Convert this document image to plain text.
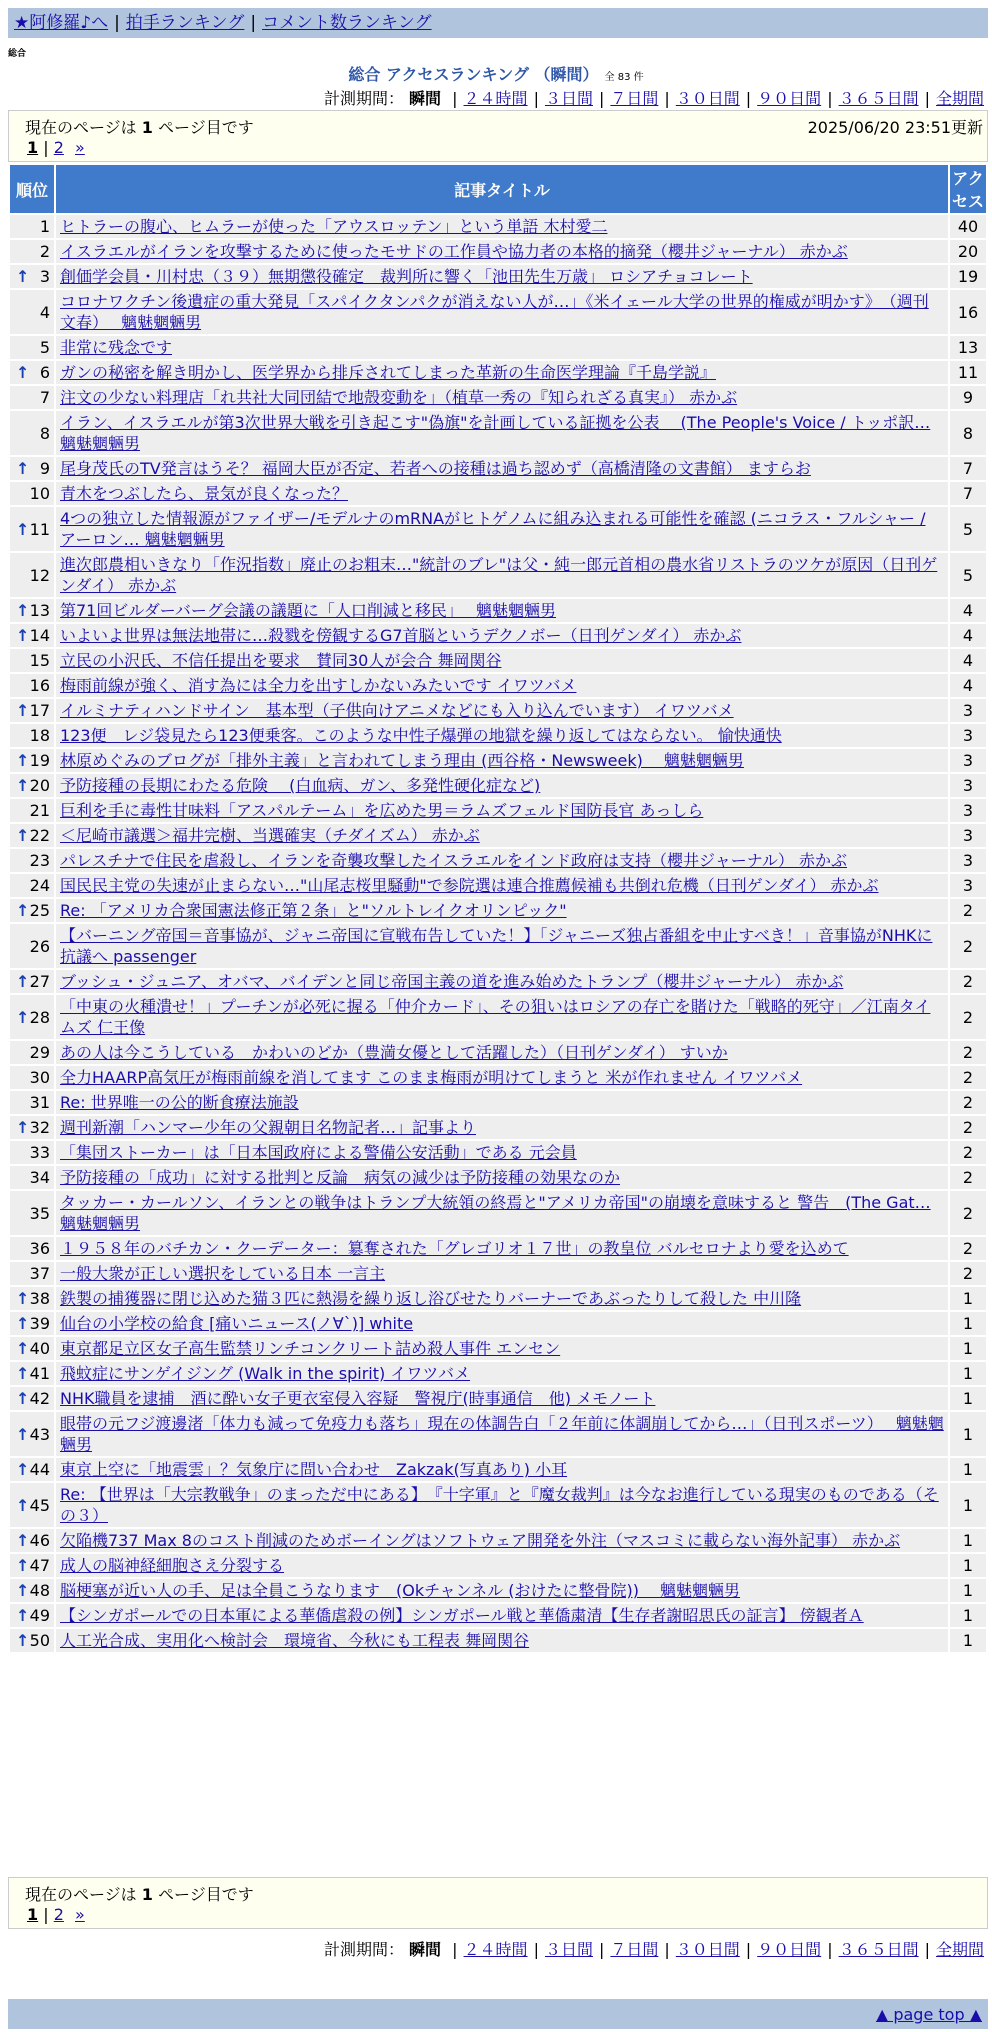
★阿修羅♪へ | 拍手ランキング | コメント数ランキング
総合
総合 アクセスランキング （瞬間） 全 83 件
計測期間： 瞬間 | ２４時間 | ３日間 | ７日間 | ３０日間 | ９０日間 | ３６５日間 | 全期間
現在のページは 1 ページ目です	2025/06/20 23:51更新
1 | 2 »
順位	記事タイトル	アクセス
1	ヒトラーの腹心、ヒムラーが使った「アウスロッテン」という単語 木村愛二	40
2	イスラエルがイランを攻撃するために使ったモサドの工作員や協力者の本格的摘発（櫻井ジャーナル） 赤かぶ	20

↑ 3	創価学会員・川村忠（３９）無期懲役確定　裁判所に響く「池田先生万歳」 ロシアチョコレート	19
4	コロナワクチン後遺症の重大発見「スパイクタンパクが消えない人が…」《米イェール大学の世界的権威が明かす》　（週刊文春）　 魑魅魍魎男	16
5	非常に残念です	13

↑ 6	ガンの秘密を解き明かし、医学界から排斥されてしまった革新の生命医学理論『千島学説』	11
7	注文の少ない料理店「れ共社大同団結で地殻変動を」（植草一秀の『知られざる真実』） 赤かぶ	9
8	イラン、イスラエルが第3次世界大戦を引き起こす"偽旗"を計画している証拠を公表　 (The People's Voice / トッポ訳… 魑魅魍魎男	8

↑ 9	尾身茂氏のTV発言はうそ？ 福岡大臣が否定、若者への接種は過ち認めず（高橋清隆の文書館） ますらお	7
10	青木をつぶしたら、景気が良くなった？	7

↑ 11	4つの独立した情報源がファイザー/モデルナのmRNAがヒトゲノムに組み込まれる可能性を確認 (ニコラス・フルシャー / アーロン… 魑魅魍魎男	5
12	進次郎農相いきなり「作況指数」廃止のお粗末…"統計のブレ"は父・純一郎元首相の農水省リストラのツケが原因（日刊ゲンダイ） 赤かぶ	5

↑ 13	第71回ビルダーバーグ会議の議題に「人口削減と移民」　 魑魅魍魎男	4

↑ 14	いよいよ世界は無法地帯に…殺戮を傍観するG7首脳というデクノボー（日刊ゲンダイ） 赤かぶ	4
15	立民の小沢氏、不信任提出を要求　賛同30人が会合 舞岡関谷	4
16	梅雨前線が強く、消す為には全力を出すしかないみたいです イワツバメ	4

↑ 17	イルミナティハンドサイン　基本型（子供向けアニメなどにも入り込んでいます） イワツバメ	3
18	123便　レジ袋見たら123便乗客。このような中性子爆弾の地獄を繰り返してはならない。 愉快通快	3

↑ 19	林原めぐみのブログが「排外主義」と言われてしまう理由 (西谷格・Newsweek)　 魑魅魍魎男	3

↑ 20	予防接種の長期にわたる危険　 (白血病、ガン、多発性硬化症など)	3
21	巨利を手に毒性甘味料「アスパルテーム」を広めた男＝ラムズフェルド国防長官 あっしら	3

↑ 22	＜尼崎市議選＞福井完樹、当選確実（チダイズム） 赤かぶ	3
23	パレスチナで住民を虐殺し、イランを奇襲攻撃したイスラエルをインド政府は支持（櫻井ジャーナル） 赤かぶ	3
24	国民民主党の失速が止まらない…"山尾志桜里騒動"で参院選は連合推薦候補も共倒れ危機（日刊ゲンダイ） 赤かぶ	3

↑ 25	Re: 「アメリカ合衆国憲法修正第２条」と"ソルトレイクオリンピック"	2
26	【バーニング帝国＝音事協が、ジャニ帝国に宣戦布告していた！】「ジャニーズ独占番組を中止すべき！」音事協がNHKに抗議へ passenger	2

↑ 27	ブッシュ・ジュニア、オバマ、バイデンと同じ帝国主義の道を進み始めたトランプ（櫻井ジャーナル） 赤かぶ	2

↑ 28	「中東の火種潰せ！」プーチンが必死に握る「仲介カード」、その狙いはロシアの存亡を賭けた「戦略的死守」／江南タイムズ 仁王像	2
29	あの人は今こうしている　かわいのどか（豊満女優として活躍した）（日刊ゲンダイ） すいか	2
30	全力HAARP高気圧が梅雨前線を消してます このまま梅雨が明けてしまうと 米が作れません イワツバメ	2
31	Re: 世界唯一の公的断食療法施設	2

↑ 32	週刊新潮「ハンマー少年の父親朝日名物記者…」記事より	2
33	「集団ストーカー」は「日本国政府による警備公安活動」である 元会員	2
34	予防接種の「成功」に対する批判と反論　病気の減少は予防接種の効果なのか	2
35	タッカー・カールソン、イランとの戦争はトランプ大統領の終焉と"アメリカ帝国"の崩壊を意味すると 警告　(The Gat… 魑魅魍魎男	2
36	１９５８年のバチカン・クーデーター：簒奪された「グレゴリオ１７世」の教皇位 バルセロナより愛を込めて	2
37	一般大衆が正しい選択をしている日本 一言主	2

↑ 38	鉄製の捕獲器に閉じ込めた猫３匹に熱湯を繰り返し浴びせたりバーナーであぶったりして殺した 中川隆	1

↑ 39	仙台の小学校の給食 [痛いニュース(ノ∀`)] white	1

↑ 40	東京都足立区女子高生監禁リンチコンクリート詰め殺人事件 エンセン	1

↑ 41	飛蚊症にサンゲイジング (Walk in the spirit) イワツバメ	1

↑ 42	NHK職員を逮捕　酒に酔い女子更衣室侵入容疑　警視庁(時事通信　他) メモノート	1

↑ 43	眼帯の元フジ渡邊渚「体力も減って免疫力も落ち」現在の体調告白「２年前に体調崩してから…」（日刊スポーツ）　 魑魅魍魎男	1

↑ 44	東京上空に「地震雲」？気象庁に問い合わせ　Zakzak(写真あり) 小耳	1

↑ 45	Re: 【世界は「大宗教戦争」のまっただ中にある】　『十字軍』と『魔女裁判』は今なお進行している現実のものである（その３）	1

↑ 46	欠陥機737 Max 8のコスト削減のためボーイングはソフトウェア開発を外注（マスコミに載らない海外記事） 赤かぶ	1

↑ 47	成人の脳神経細胞さえ分裂する	1

↑ 48	脳梗塞が近い人の手、足は全員こうなります　(Okチャンネル (おけたに整骨院))　 魑魅魍魎男	1

↑ 49	【シンガポールでの日本軍による華僑虐殺の例】シンガポール戦と華僑粛清【生存者謝昭思氏の証言】 傍観者Ａ	1

↑ 50	人工光合成、実用化へ検討会　環境省、今秋にも工程表 舞岡関谷	1
現在のページは 1 ページ目です
1 | 2 »
計測期間： 瞬間 | ２４時間 | ３日間 | ７日間 | ３０日間 | ９０日間 | ３６５日間 | 全期間
▲ page top ▲
